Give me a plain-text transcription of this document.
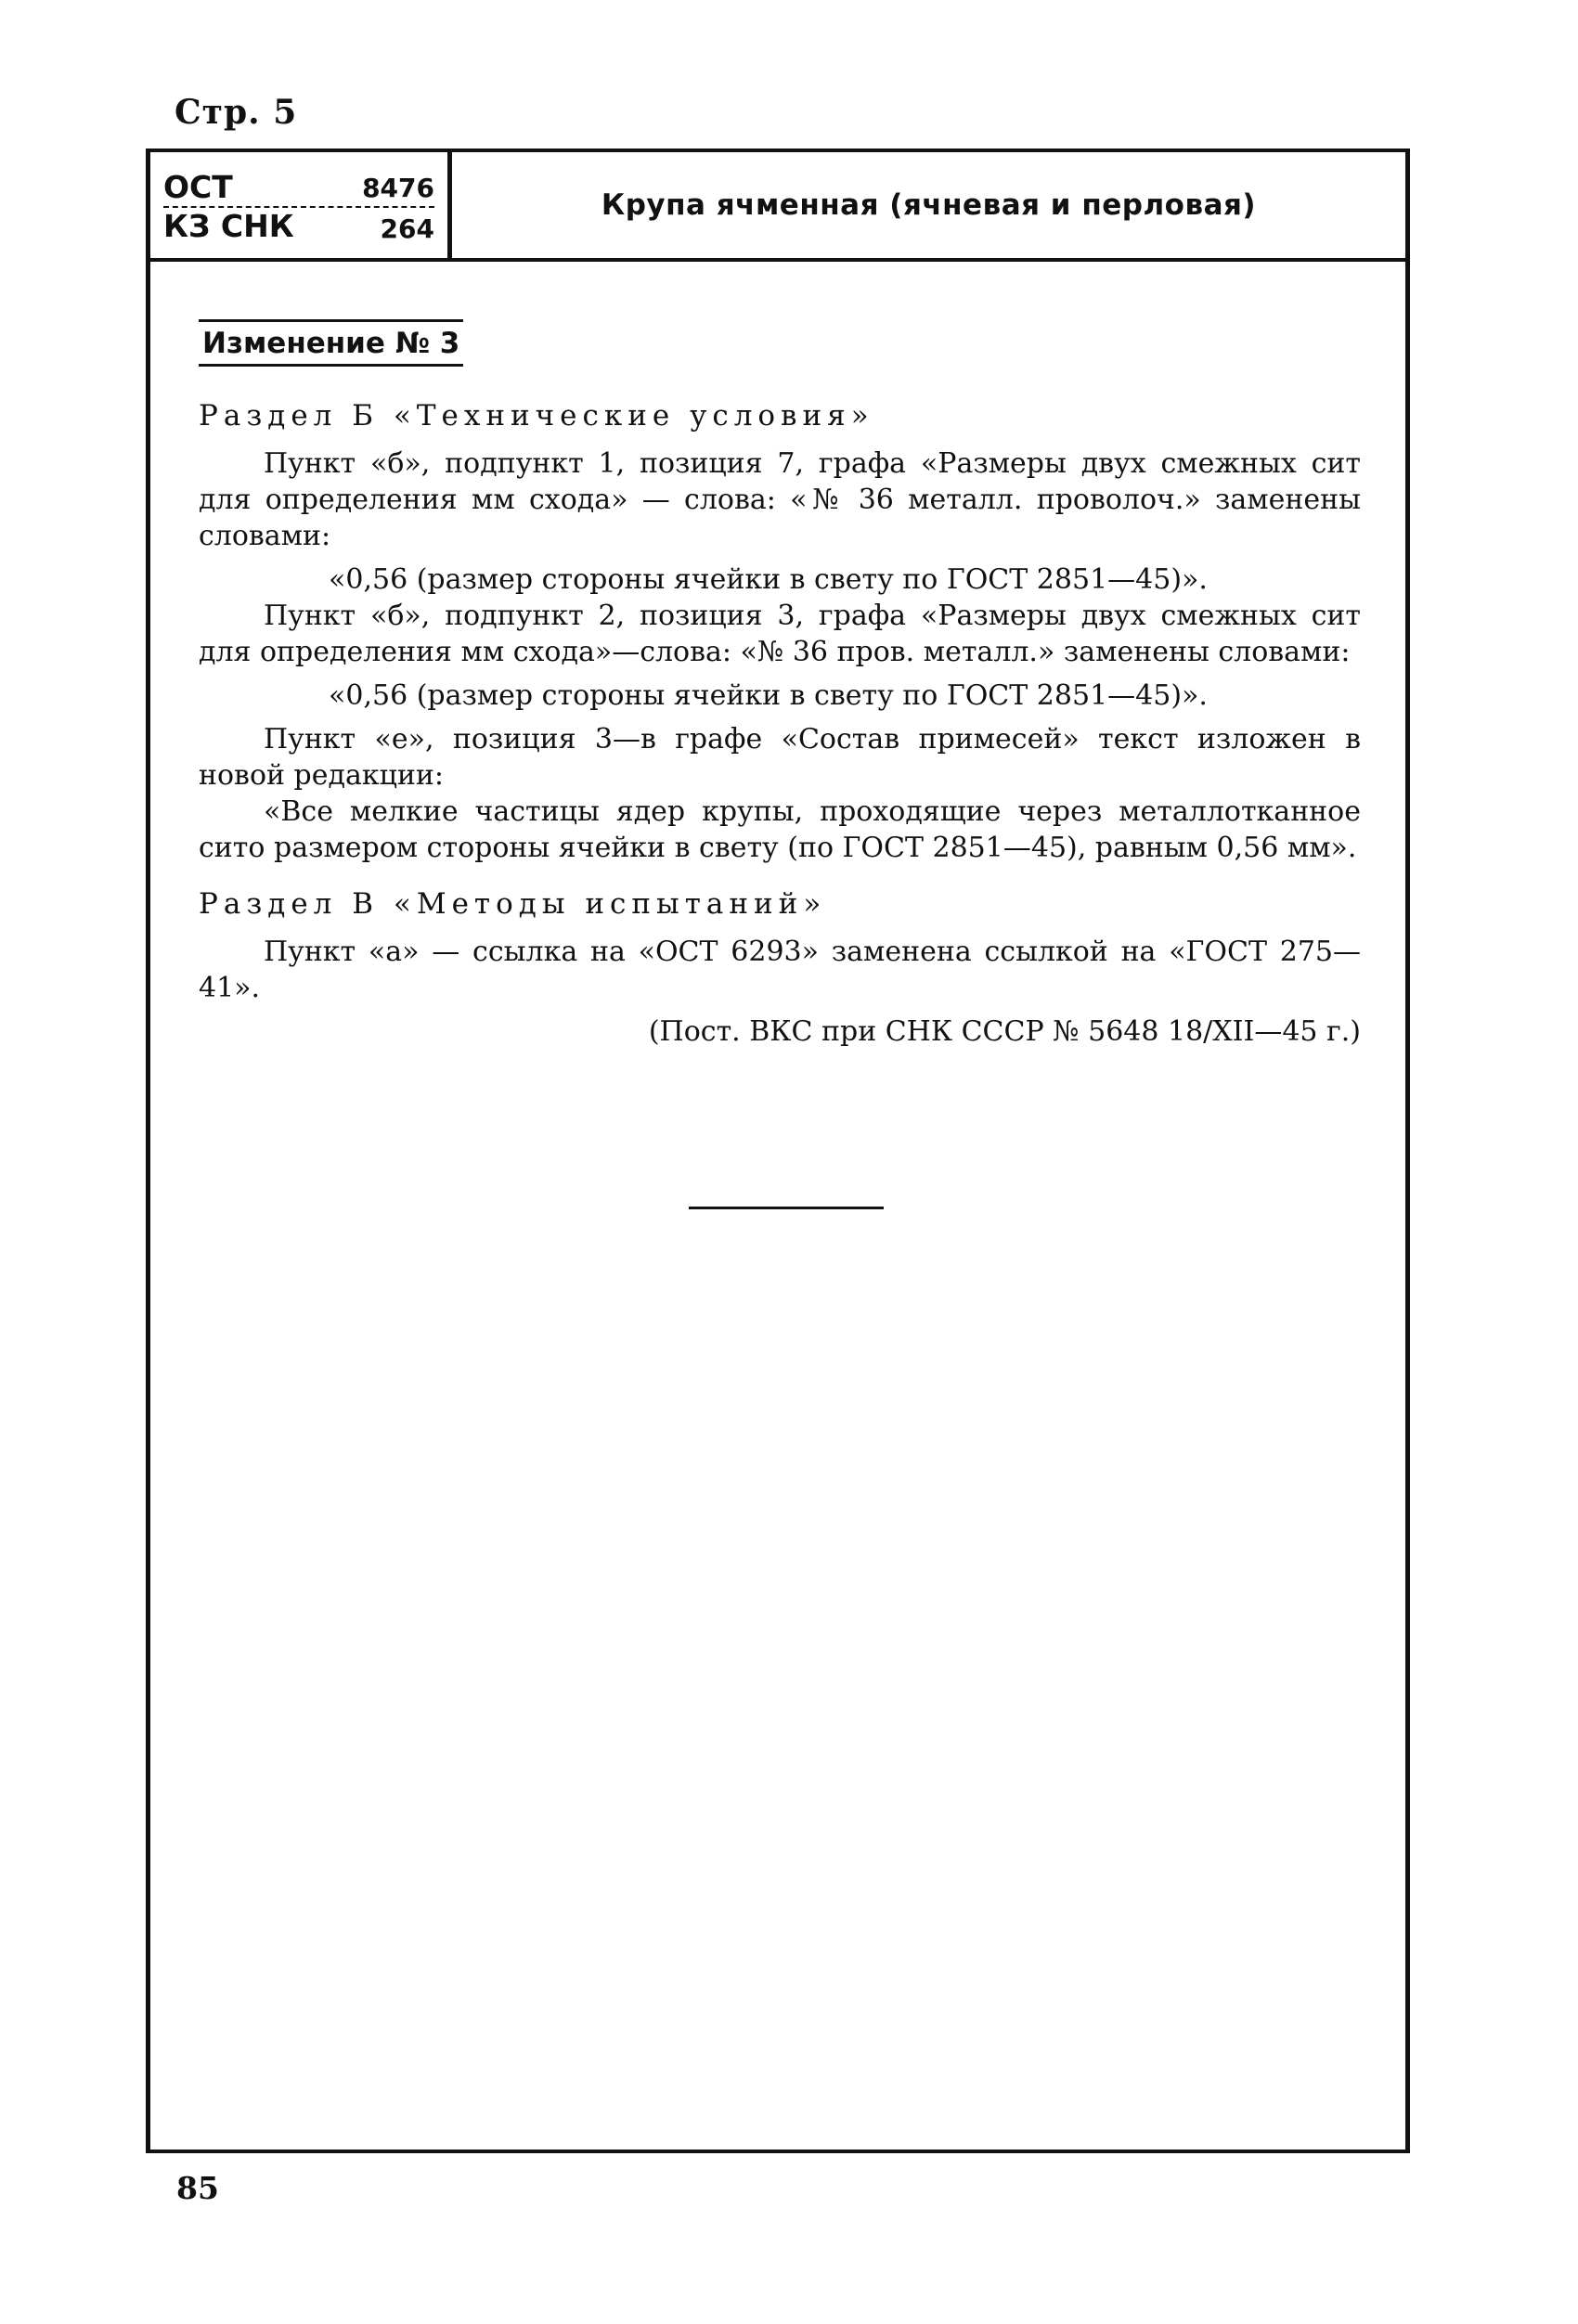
Стр. 5
ОСТ	8476
КЗ СНК	264
Крупа ячменная (ячневая и перловая)
Изменение № 3
Раздел Б «Технические условия»

Пункт «б», подпункт 1, позиция 7, графа «Размеры двух смежных сит для определения мм схода» — слова: «№ 36 металл. проволоч.» заменены словами:

«0,56 (размер стороны ячейки в свету по ГОСТ 2851—45)».

Пункт «б», подпункт 2, позиция 3, графа «Размеры двух смежных сит для определения мм схода»—слова: «№ 36 пров. металл.» заменены словами:

«0,56 (размер стороны ячейки в свету по ГОСТ 2851—45)».

Пункт «е», позиция 3—в графе «Состав примесей» текст изложен в новой редакции:

«Все мелкие частицы ядер крупы, проходящие через металлотканное сито размером стороны ячейки в свету (по ГОСТ 2851—45), равным 0,56 мм».

Раздел В «Методы испытаний»

Пункт «а» — ссылка на «ОСТ 6293» заменена ссылкой на «ГОСТ 275—41».

(Пост. ВКС при СНК СССР № 5648 18/XII—45 г.)

85
